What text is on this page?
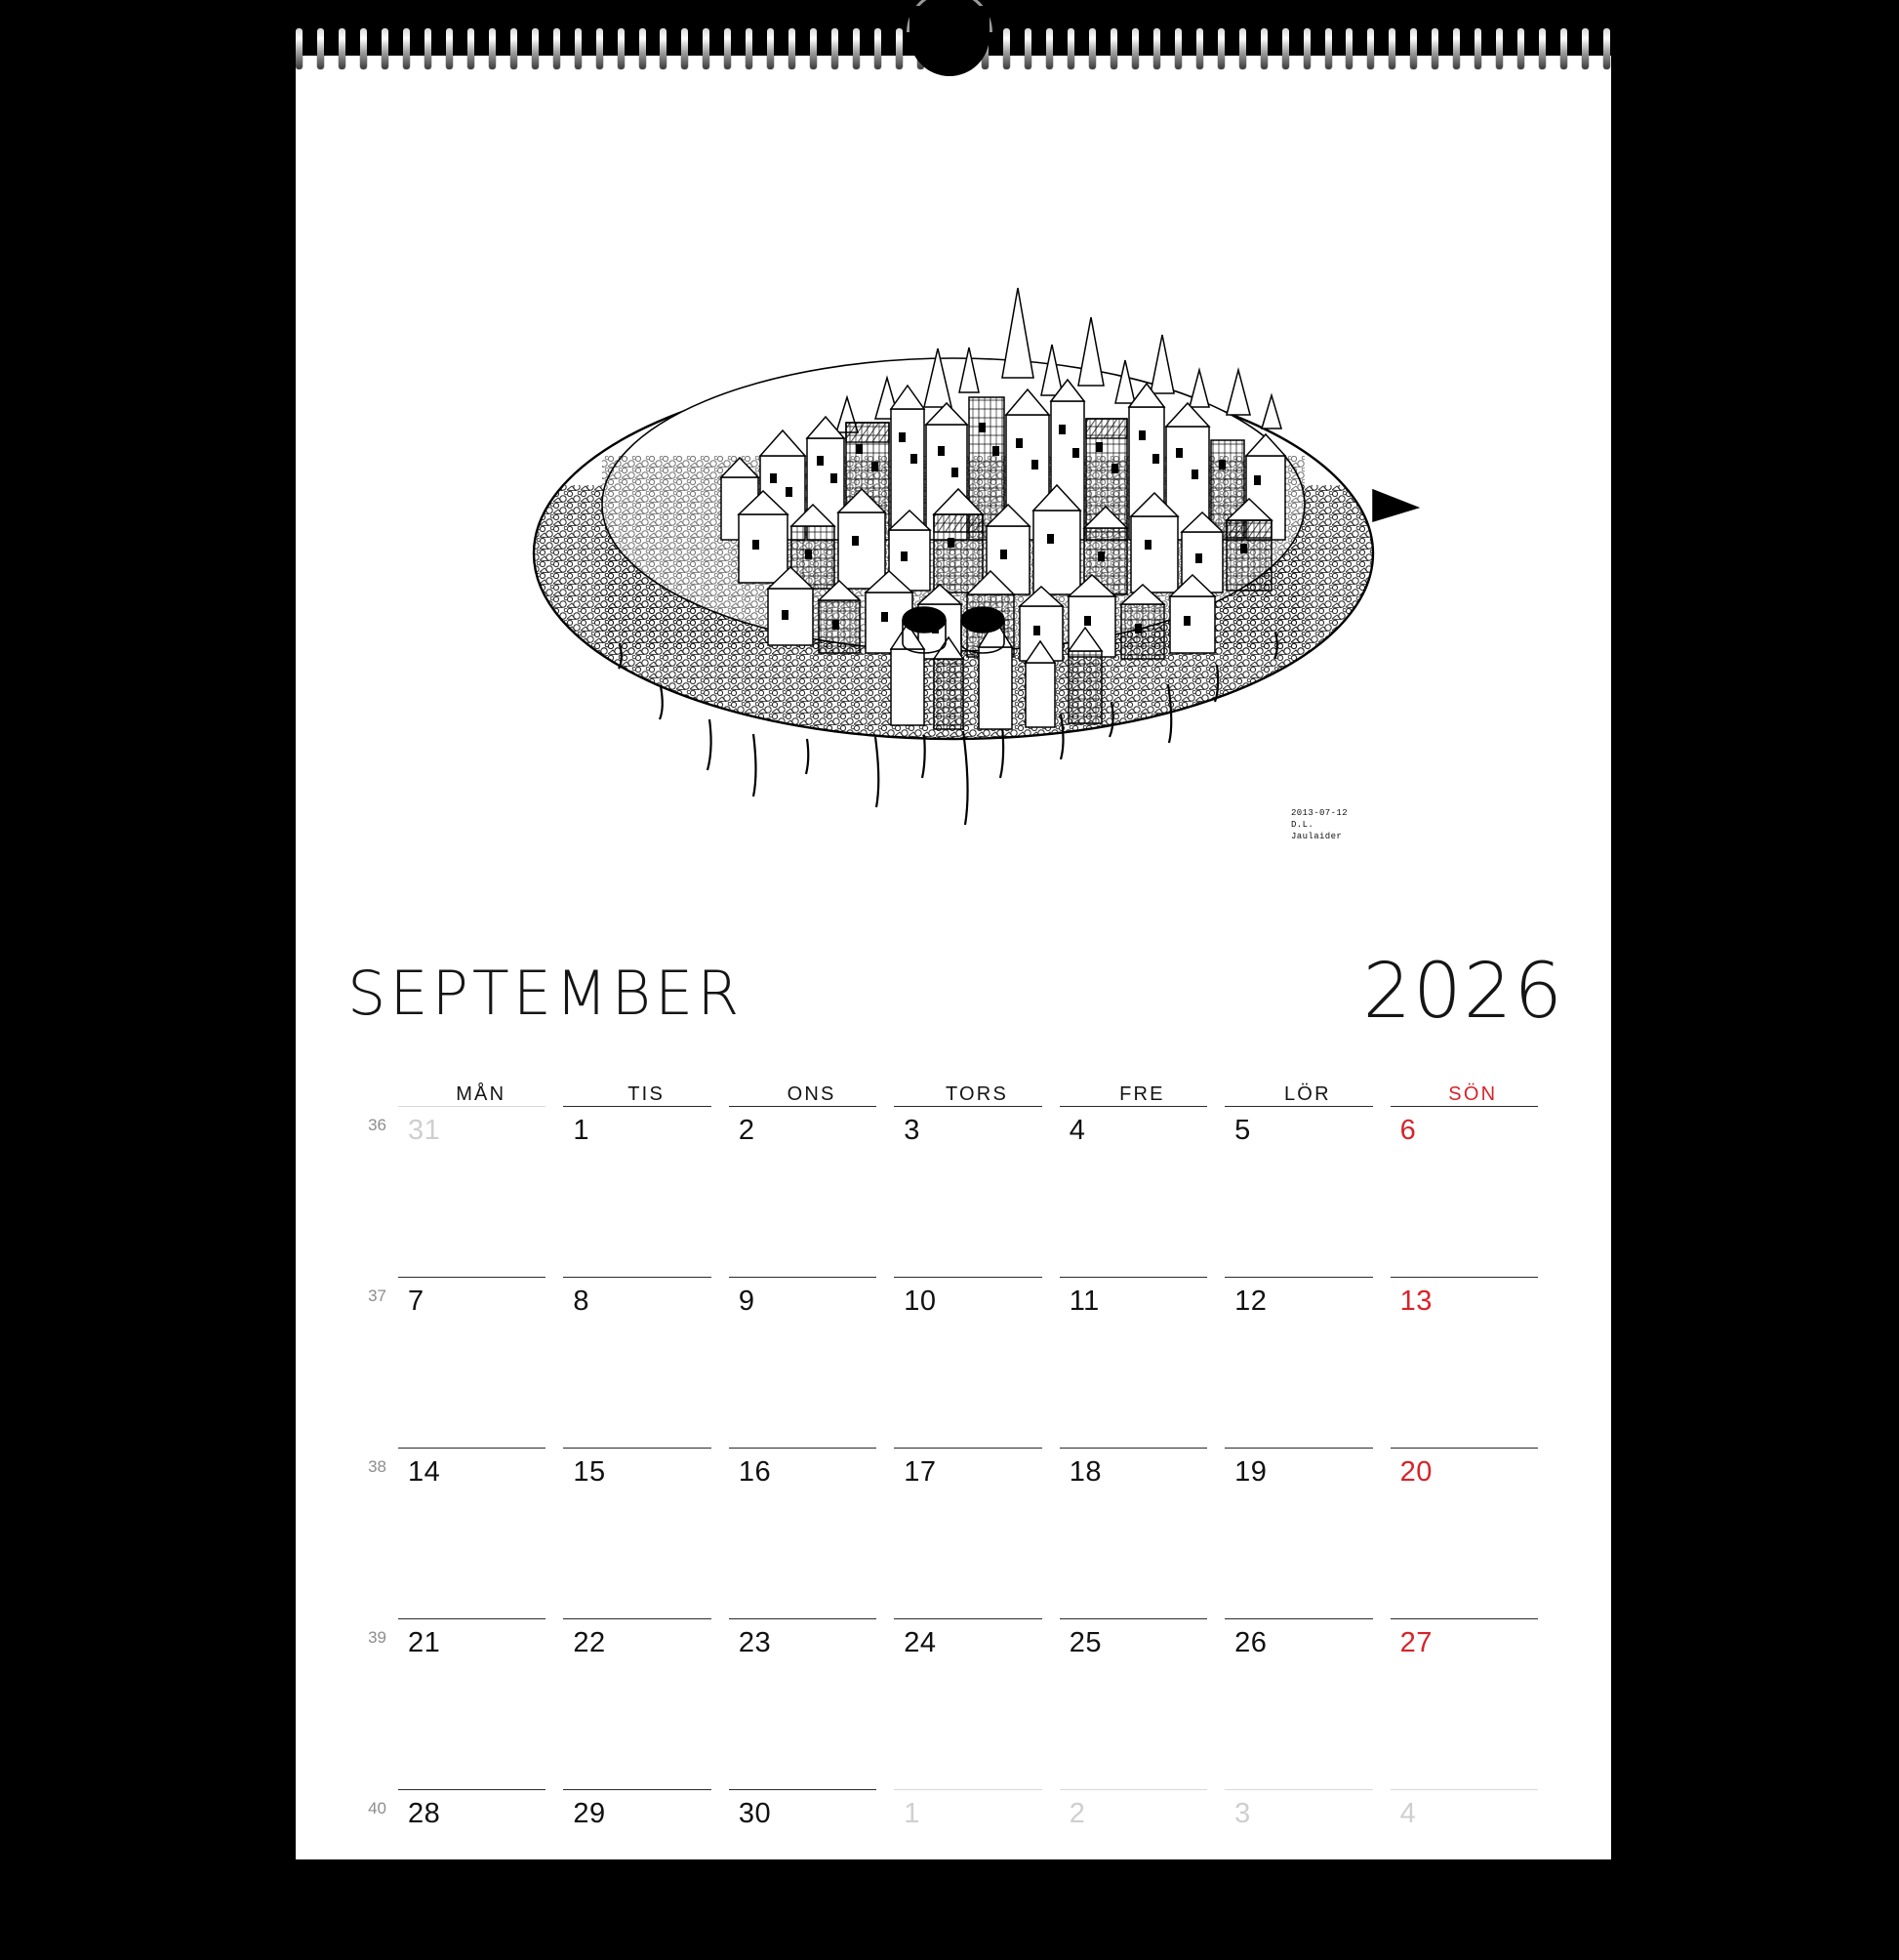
2013-07-12
D.L.
Jaulaider
SEPTEMBER	2026
MÅN	TIS	ONS	TORS	FRE	LÖR	SÖN
36 31	1	2	3	4	5	6
37 7	8	9	10	11	12	13
38 14	15	16	17	18	19	20
39 21	22	23	24	25	26	27
40 28	29	30	1	2	3	4
